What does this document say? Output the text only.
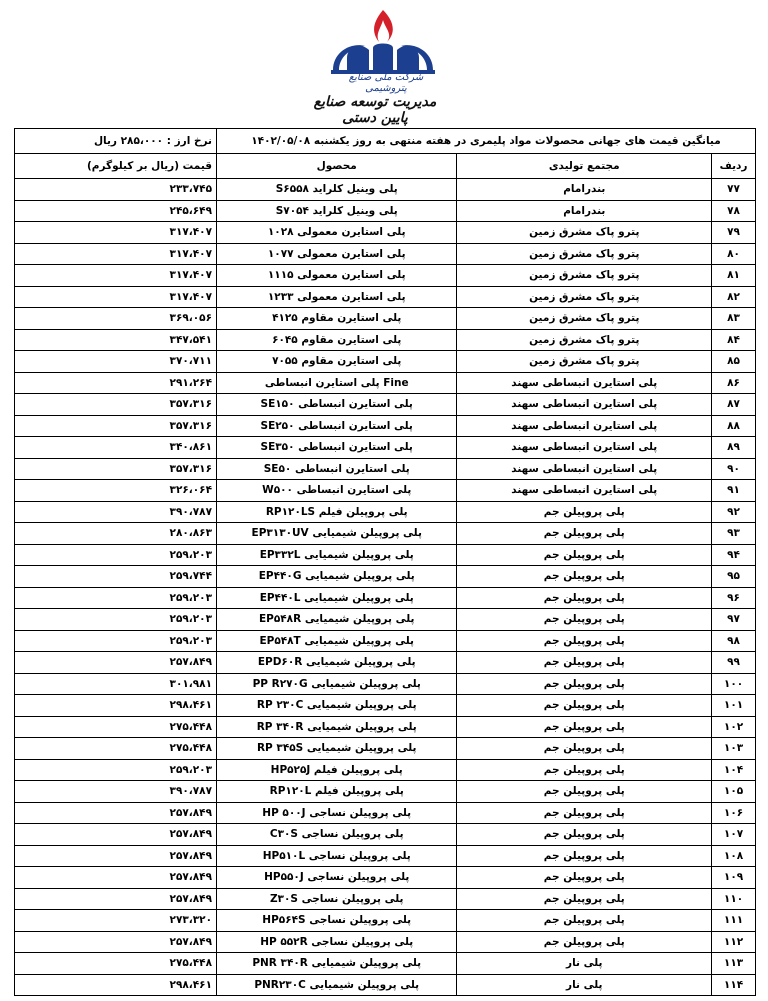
شرکت ملی صنایع پتروشیمی
مدیریت توسعه صنایع پایین دستی
میانگین قیمت های جهانی محصولات مواد پلیمری در هفته منتهی به روز یکشنبه ۱۴۰۲/۰۵/۰۸			نرخ ارز : ۲۸۵،۰۰۰ ریال
ردیف	مجتمع تولیدی	محصول	قیمت (ریال بر کیلوگرم)
۷۷	بندرامام	پلی وینیل کلراید S۶۵۵۸	۲۳۳،۷۴۵
۷۸	بندرامام	پلی وینیل کلراید S۷۰۵۴	۲۴۵،۶۴۹
۷۹	پترو پاک مشرق زمین	پلی استایرن معمولی ۱۰۲۸	۳۱۷،۴۰۷
۸۰	پترو پاک مشرق زمین	پلی استایرن معمولی ۱۰۷۷	۳۱۷،۴۰۷
۸۱	پترو پاک مشرق زمین	پلی استایرن معمولی ۱۱۱۵	۳۱۷،۴۰۷
۸۲	پترو پاک مشرق زمین	پلی استایرن معمولی ۱۲۳۳	۳۱۷،۴۰۷
۸۳	پترو پاک مشرق زمین	پلی استایرن مقاوم ۴۱۲۵	۳۶۹،۰۵۶
۸۴	پترو پاک مشرق زمین	پلی استایرن مقاوم ۶۰۴۵	۳۴۷،۵۴۱
۸۵	پترو پاک مشرق زمین	پلی استایرن مقاوم ۷۰۵۵	۳۷۰،۷۱۱
۸۶	پلی استایرن انبساطی سهند	Fine پلی استایرن انبساطی	۲۹۱،۲۶۴
۸۷	پلی استایرن انبساطی سهند	پلی استایرن انبساطی SE۱۵۰	۳۵۷،۳۱۶
۸۸	پلی استایرن انبساطی سهند	پلی استایرن انبساطی SE۲۵۰	۳۵۷،۳۱۶
۸۹	پلی استایرن انبساطی سهند	پلی استایرن انبساطی SE۳۵۰	۳۴۰،۸۶۱
۹۰	پلی استایرن انبساطی سهند	پلی استایرن انبساطی SE۵۰	۳۵۷،۳۱۶
۹۱	پلی استایرن انبساطی سهند	پلی استایرن انبساطی W۵۰۰	۳۲۶،۰۶۴
۹۲	پلی پروپیلن جم	پلی پروپیلن فیلم RP۱۲۰LS	۳۹۰،۷۸۷
۹۳	پلی پروپیلن جم	پلی پروپیلن شیمیایی EP۳۱۳۰UV	۲۸۰،۸۶۳
۹۴	پلی پروپیلن جم	پلی پروپیلن شیمیایی EP۳۳۲L	۲۵۹،۲۰۳
۹۵	پلی پروپیلن جم	پلی پروپیلن شیمیایی EP۴۴۰G	۲۵۹،۷۴۴
۹۶	پلی پروپیلن جم	پلی پروپیلن شیمیایی EP۴۴۰L	۲۵۹،۲۰۳
۹۷	پلی پروپیلن جم	پلی پروپیلن شیمیایی EP۵۴۸R	۲۵۹،۲۰۳
۹۸	پلی پروپیلن جم	پلی پروپیلن شیمیایی EP۵۴۸T	۲۵۹،۲۰۳
۹۹	پلی پروپیلن جم	پلی پروپیلن شیمیایی EPD۶۰R	۲۵۷،۸۴۹
۱۰۰	پلی پروپیلن جم	پلی پروپیلن شیمیایی PP R۲۷۰G	۳۰۱،۹۸۱
۱۰۱	پلی پروپیلن جم	پلی پروپیلن شیمیایی RP ۲۳۰C	۲۹۸،۴۶۱
۱۰۲	پلی پروپیلن جم	پلی پروپیلن شیمیایی RP ۳۴۰R	۲۷۵،۴۴۸
۱۰۳	پلی پروپیلن جم	پلی پروپیلن شیمیایی RP ۳۴۵S	۲۷۵،۴۴۸
۱۰۴	پلی پروپیلن جم	پلی پروپیلن فیلم HP۵۲۵J	۲۵۹،۲۰۳
۱۰۵	پلی پروپیلن جم	پلی پروپیلن فیلم RP۱۲۰L	۳۹۰،۷۸۷
۱۰۶	پلی پروپیلن جم	پلی پروپیلن نساجی HP ۵۰۰J	۲۵۷،۸۴۹
۱۰۷	پلی پروپیلن جم	پلی پروپیلن نساجی C۳۰S	۲۵۷،۸۴۹
۱۰۸	پلی پروپیلن جم	پلی پروپیلن نساجی HP۵۱۰L	۲۵۷،۸۴۹
۱۰۹	پلی پروپیلن جم	پلی پروپیلن نساجی HP۵۵۰J	۲۵۷،۸۴۹
۱۱۰	پلی پروپیلن جم	پلی پروپیلن نساجی Z۳۰S	۲۵۷،۸۴۹
۱۱۱	پلی پروپیلن جم	پلی پروپیلن نساجی HP۵۶۴S	۲۷۳،۳۲۰
۱۱۲	پلی پروپیلن جم	پلی پروپیلن نساجی HP ۵۵۲R	۲۵۷،۸۴۹
۱۱۳	پلی نار	پلی پروپیلن شیمیایی PNR ۳۴۰R	۲۷۵،۴۴۸
۱۱۴	پلی نار	پلی پروپیلن شیمیایی PNR۲۳۰C	۲۹۸،۴۶۱
